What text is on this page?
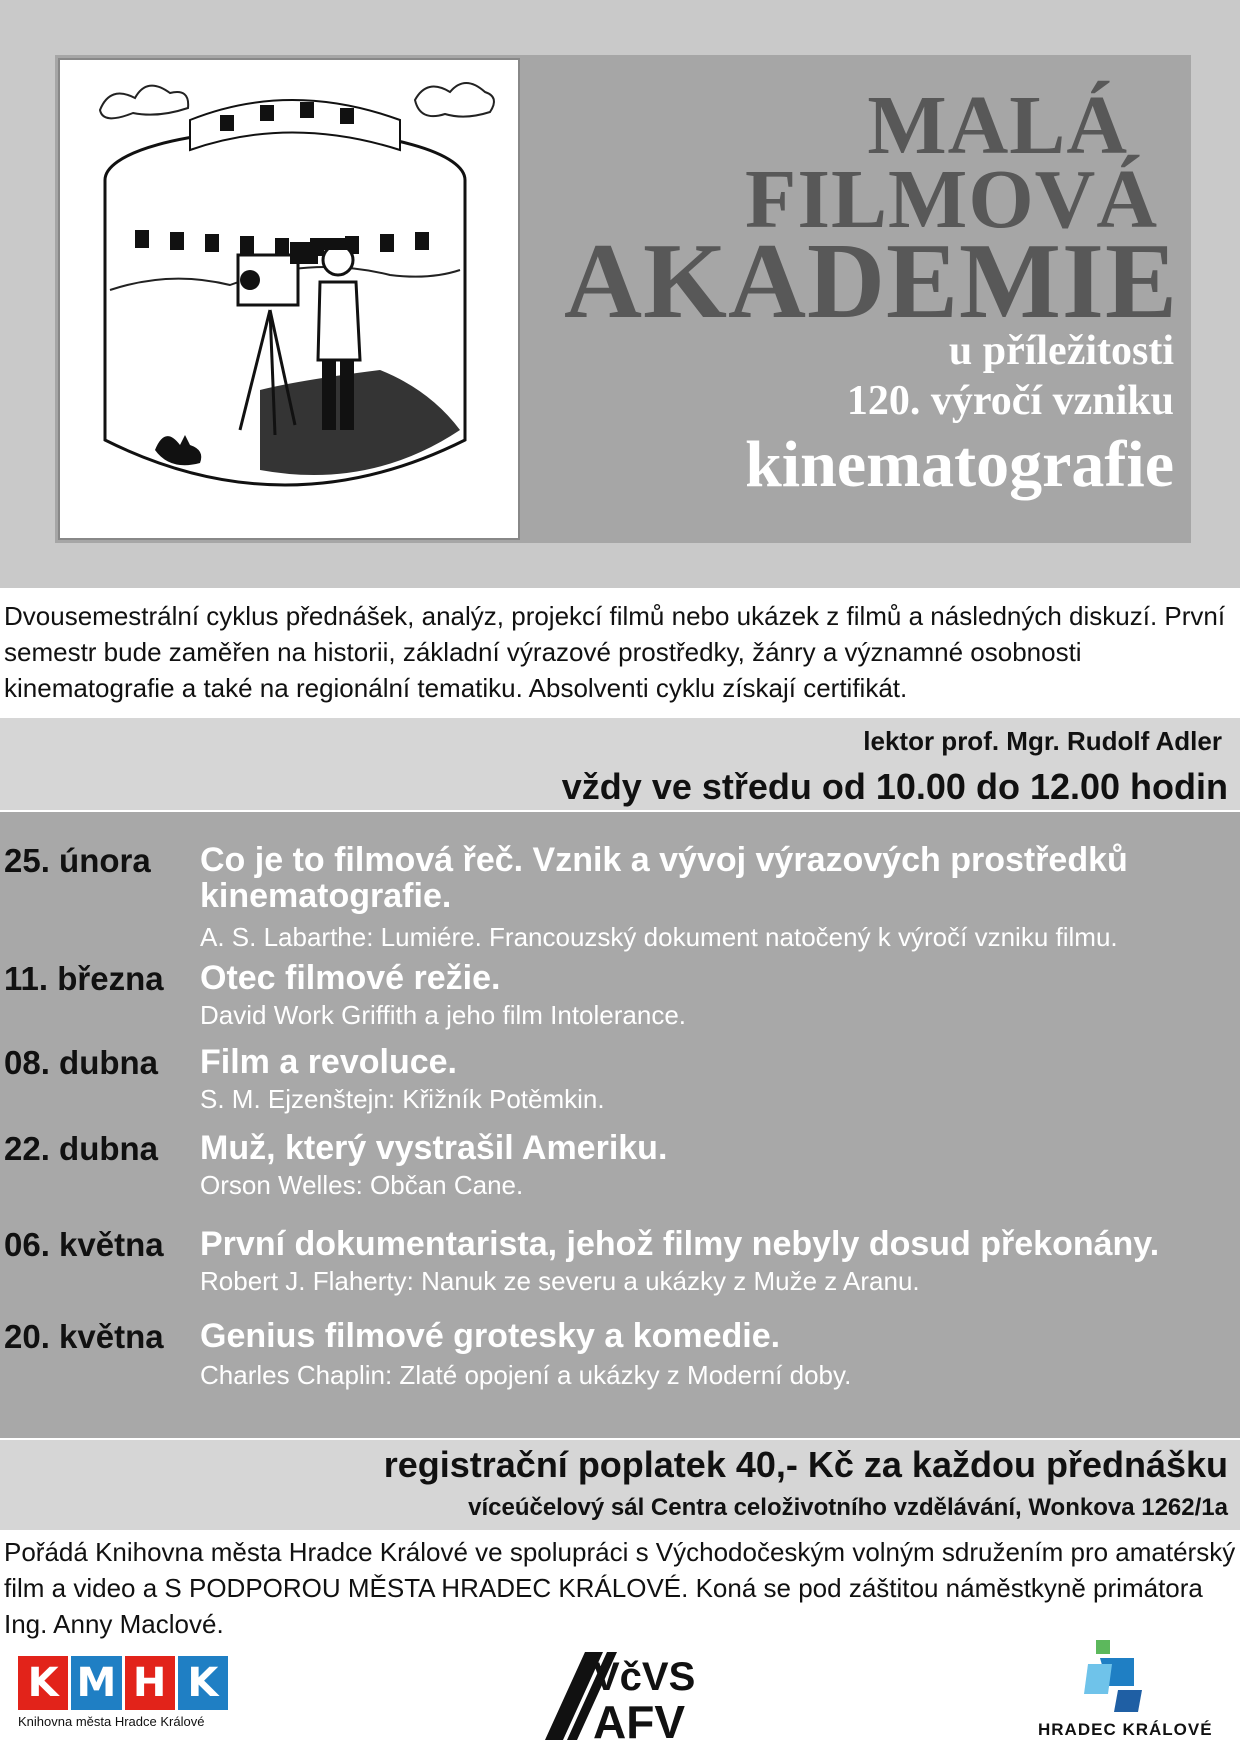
MALÁ
FILMOVÁ
AKADEMIE
u příležitosti
120. výročí vzniku
kinematografie
Dvousemestrální cyklus přednášek, analýz, projekcí filmů nebo ukázek z filmů a následných diskuzí. První semestr bude zaměřen na historii, základní výrazové prostředky, žánry a významné osobnosti kinematografie a také na regionální tematiku. Absolventi cyklu získají certifikát.
lektor prof. Mgr. Rudolf Adler
vždy ve středu od 10.00 do 12.00 hodin
25. února Co je to filmová řeč. Vznik a vývoj výrazových prostředků kinematografie.
A. S. Labarthe: Lumiére. Francouzský dokument natočený k výročí vzniku filmu.
11. března Otec filmové režie.
David Work Griffith a jeho film Intolerance.
08. dubna Film a revoluce.
S. M. Ejzenštejn: Křižník Potěmkin.
22. dubna Muž, který vystrašil Ameriku.
Orson Welles: Občan Cane.
06. května První dokumentarista, jehož filmy nebyly dosud překonány.
Robert J. Flaherty: Nanuk ze severu a ukázky z Muže z Aranu.
20. května Genius filmové grotesky a komedie.
Charles Chaplin: Zlaté opojení a ukázky z Moderní doby.
registrační poplatek 40,- Kč za každou přednášku
víceúčelový sál Centra celoživotního vzdělávání, Wonkova 1262/1a
Pořádá Knihovna města Hradce Králové ve spolupráci s Východočeským volným sdružením pro amatérský film a video a S PODPOROU MĚSTA HRADEC KRÁLOVÉ. Koná se pod záštitou náměstkyně primátora Ing. Anny Maclové.
K M H K
Knihovna města Hradce Králové
VčVS
AFV	HRADEC KRÁLOVÉ
